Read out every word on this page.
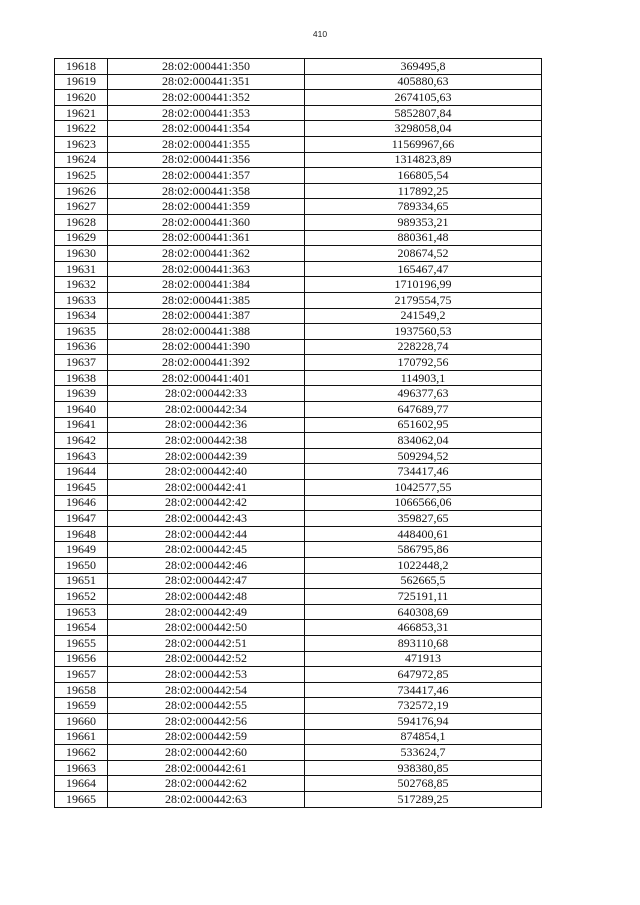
410
19618	28:02:000441:350	369495,8
19619	28:02:000441:351	405880,63
19620	28:02:000441:352	2674105,63
19621	28:02:000441:353	5852807,84
19622	28:02:000441:354	3298058,04
19623	28:02:000441:355	11569967,66
19624	28:02:000441:356	1314823,89
19625	28:02:000441:357	166805,54
19626	28:02:000441:358	117892,25
19627	28:02:000441:359	789334,65
19628	28:02:000441:360	989353,21
19629	28:02:000441:361	880361,48
19630	28:02:000441:362	208674,52
19631	28:02:000441:363	165467,47
19632	28:02:000441:384	1710196,99
19633	28:02:000441:385	2179554,75
19634	28:02:000441:387	241549,2
19635	28:02:000441:388	1937560,53
19636	28:02:000441:390	228228,74
19637	28:02:000441:392	170792,56
19638	28:02:000441:401	114903,1
19639	28:02:000442:33	496377,63
19640	28:02:000442:34	647689,77
19641	28:02:000442:36	651602,95
19642	28:02:000442:38	834062,04
19643	28:02:000442:39	509294,52
19644	28:02:000442:40	734417,46
19645	28:02:000442:41	1042577,55
19646	28:02:000442:42	1066566,06
19647	28:02:000442:43	359827,65
19648	28:02:000442:44	448400,61
19649	28:02:000442:45	586795,86
19650	28:02:000442:46	1022448,2
19651	28:02:000442:47	562665,5
19652	28:02:000442:48	725191,11
19653	28:02:000442:49	640308,69
19654	28:02:000442:50	466853,31
19655	28:02:000442:51	893110,68
19656	28:02:000442:52	471913
19657	28:02:000442:53	647972,85
19658	28:02:000442:54	734417,46
19659	28:02:000442:55	732572,19
19660	28:02:000442:56	594176,94
19661	28:02:000442:59	874854,1
19662	28:02:000442:60	533624,7
19663	28:02:000442:61	938380,85
19664	28:02:000442:62	502768,85
19665	28:02:000442:63	517289,25
